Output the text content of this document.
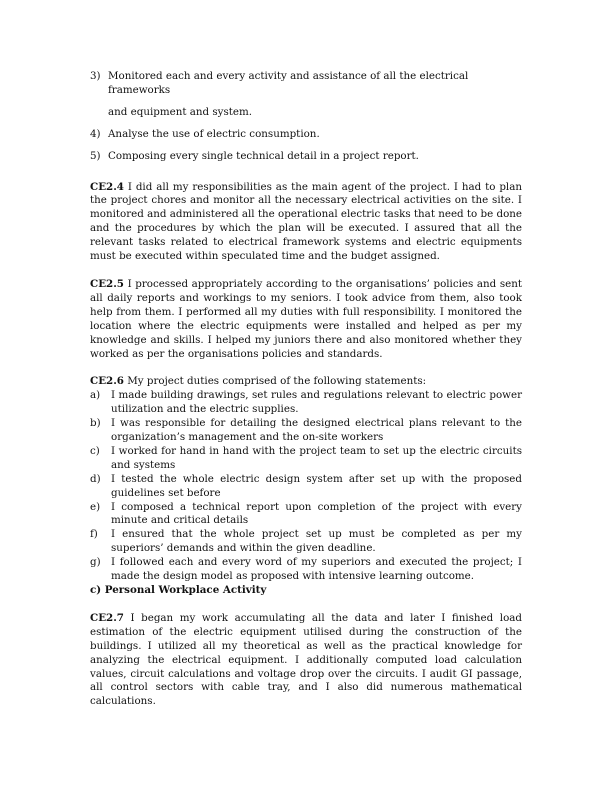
3) Monitored each and every activity and assistance of all the electrical frameworks
and equipment and system.
4) Analyse the use of electric consumption.
5) Composing every single technical detail in a project report.

CE2.4 I did all my responsibilities as the main agent of the project. I had to plan the project chores and monitor all the necessary electrical activities on the site. I monitored and administered all the operational electric tasks that need to be done and the procedures by which the plan will be executed. I assured that all the relevant tasks related to electrical framework systems and electric equipments must be executed within speculated time and the budget assigned.

CE2.5 I processed appropriately according to the organisations’ policies and sent all daily reports and workings to my seniors. I took advice from them, also took help from them. I performed all my duties with full responsibility. I monitored the location where the electric equipments were installed and helped as per my knowledge and skills. I helped my juniors there and also monitored whether they worked as per the organisations policies and standards.

CE2.6 My project duties comprised of the following statements:

a) I made building drawings, set rules and regulations relevant to electric power utilization and the electric supplies.
b) I was responsible for detailing the designed electrical plans relevant to the organization’s management and the on-site workers
c) I worked for hand in hand with the project team to set up the electric circuits and systems
d) I tested the whole electric design system after set up with the proposed guidelines set before
e) I composed a technical report upon completion of the project with every minute and critical details
f) I ensured that the whole project set up must be completed as per my superiors’ demands and within the given deadline.
g) I followed each and every word of my superiors and executed the project; I made the design model as proposed with intensive learning outcome.

c) Personal Workplace Activity

CE2.7 I began my work accumulating all the data and later I finished load estimation of the electric equipment utilised during the construction of the buildings. I utilized all my theoretical as well as the practical knowledge for analyzing the electrical equipment. I additionally computed load calculation values, circuit calculations and voltage drop over the circuits. I audit GI passage, all control sectors with cable tray, and I also did numerous mathematical calculations.
